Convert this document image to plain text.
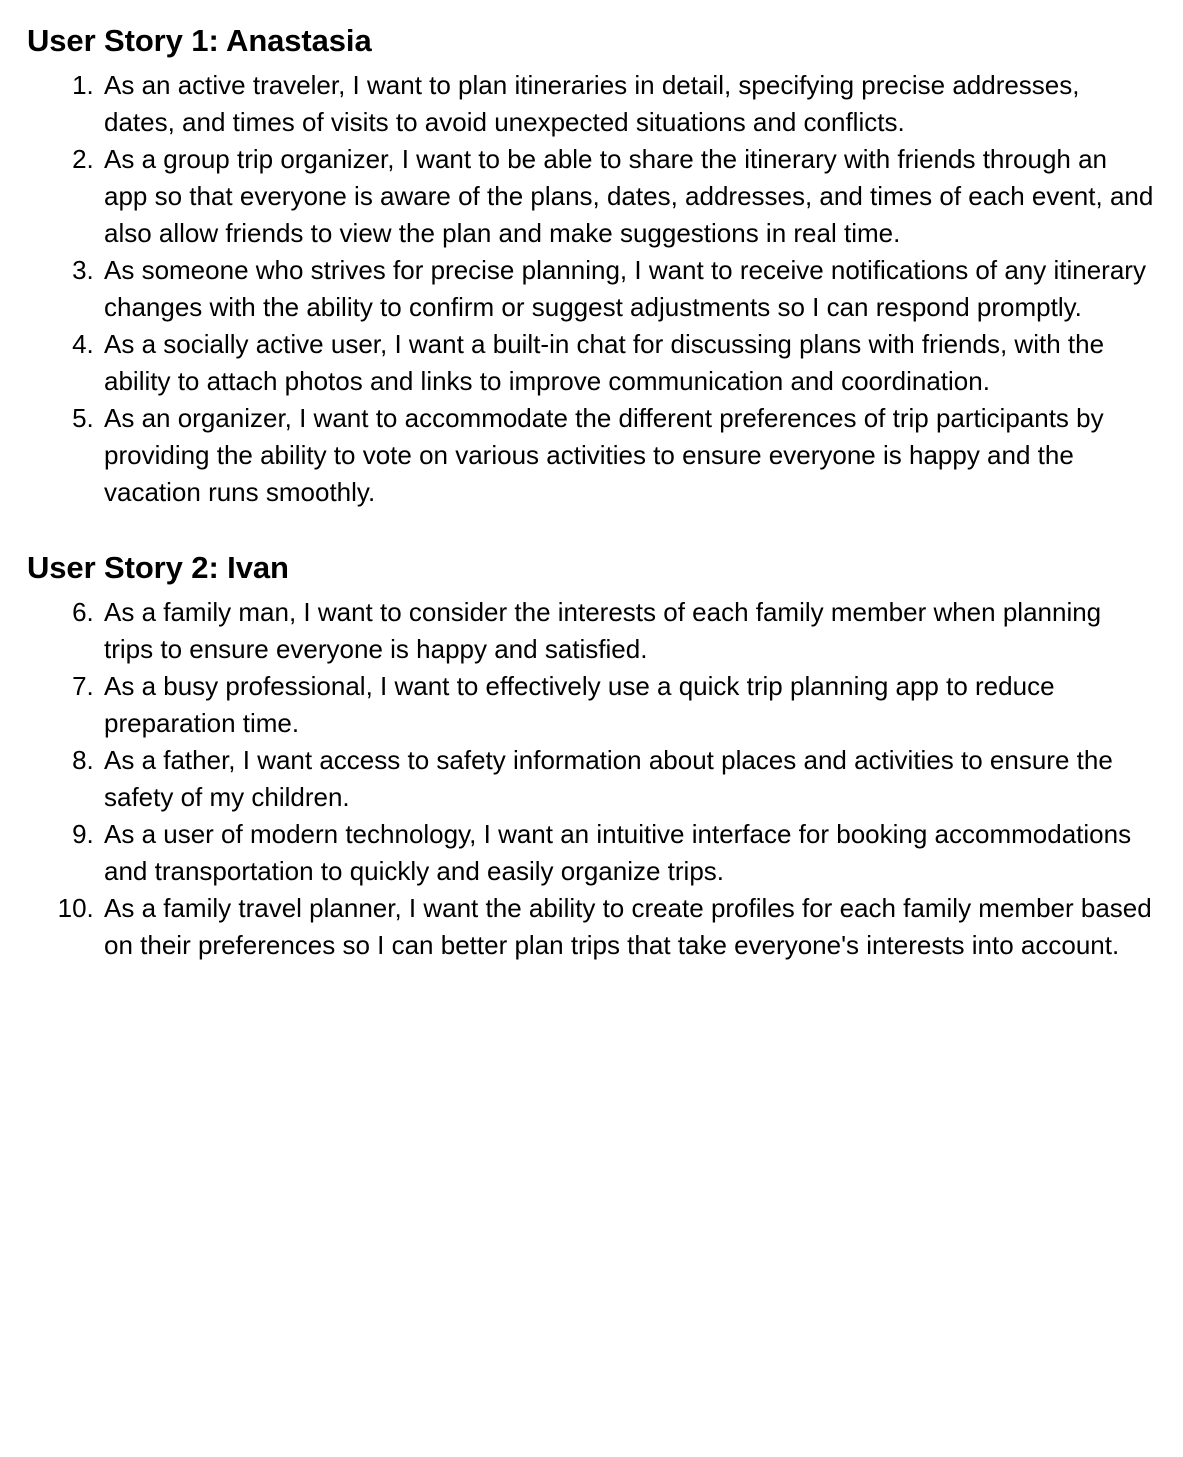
User Story 1: Anastasia
1. As an active traveler, I want to plan itineraries in detail, specifying precise addresses, dates, and times of visits to avoid unexpected situations and conflicts.
2. As a group trip organizer, I want to be able to share the itinerary with friends through an app so that everyone is aware of the plans, dates, addresses, and times of each event, and also allow friends to view the plan and make suggestions in real time.
3. As someone who strives for precise planning, I want to receive notifications of any itinerary changes with the ability to confirm or suggest adjustments so I can respond promptly.
4. As a socially active user, I want a built-in chat for discussing plans with friends, with the ability to attach photos and links to improve communication and coordination.
5. As an organizer, I want to accommodate the different preferences of trip participants by providing the ability to vote on various activities to ensure everyone is happy and the vacation runs smoothly.
User Story 2: Ivan
6. As a family man, I want to consider the interests of each family member when planning trips to ensure everyone is happy and satisfied.
7. As a busy professional, I want to effectively use a quick trip planning app to reduce preparation time.
8. As a father, I want access to safety information about places and activities to ensure the safety of my children.
9. As a user of modern technology, I want an intuitive interface for booking accommodations and transportation to quickly and easily organize trips.
10. As a family travel planner, I want the ability to create profiles for each family member based on their preferences so I can better plan trips that take everyone's interests into account.
